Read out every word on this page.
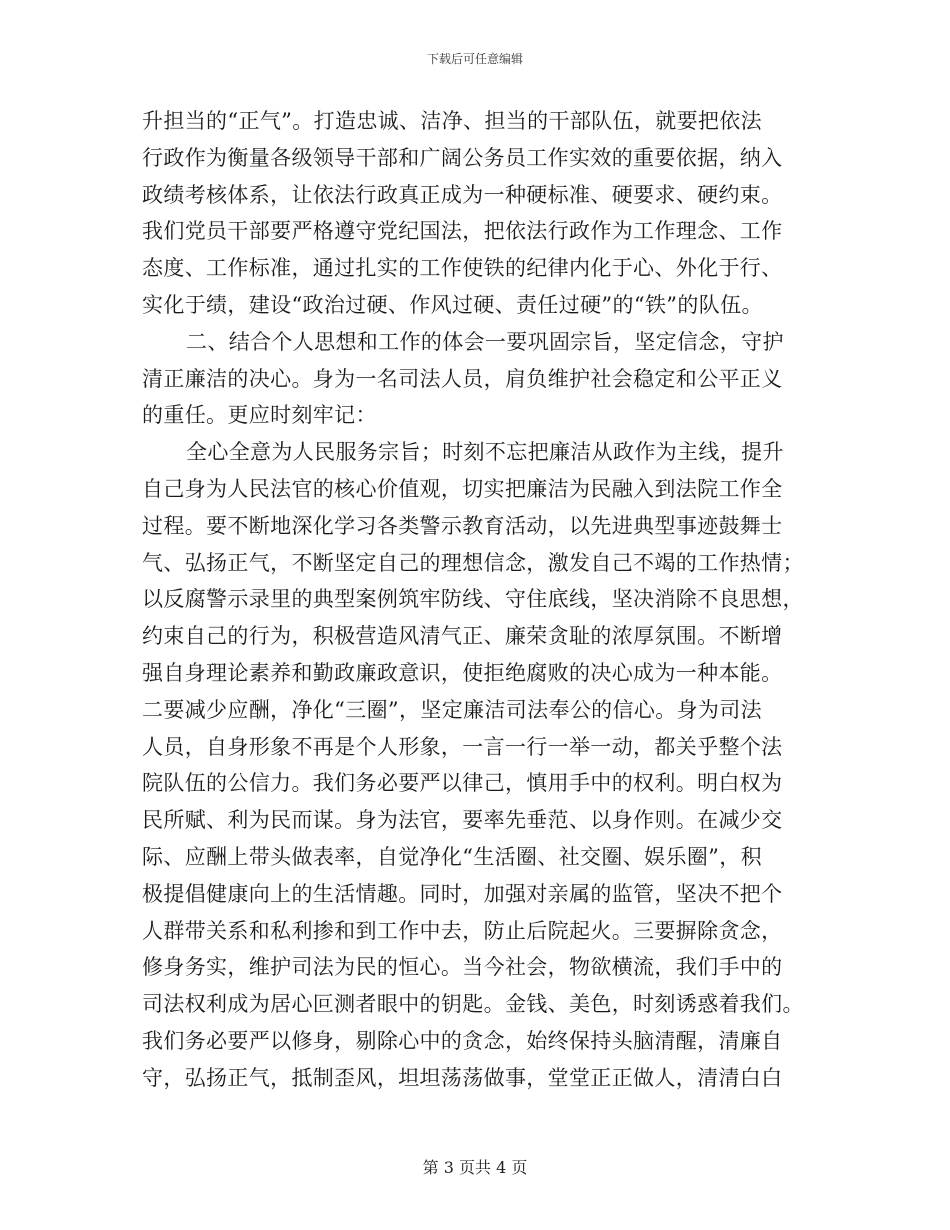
下载后可任意编辑
升担当的“正气”。打造忠诚、洁净、担当的干部队伍，就要把依法
行政作为衡量各级领导干部和广阔公务员工作实效的重要依据，纳入
政绩考核体系，让依法行政真正成为一种硬标准、硬要求、硬约束。
我们党员干部要严格遵守党纪国法，把依法行政作为工作理念、工作
态度、工作标准，通过扎实的工作使铁的纪律内化于心、外化于行、
实化于绩，建设“政治过硬、作风过硬、责任过硬”的“铁”的队伍。
二、结合个人思想和工作的体会一要巩固宗旨，坚定信念，守护
清正廉洁的决心。身为一名司法人员，肩负维护社会稳定和公平正义
的重任。更应时刻牢记：
全心全意为人民服务宗旨；时刻不忘把廉洁从政作为主线，提升
自己身为人民法官的核心价值观，切实把廉洁为民融入到法院工作全
过程。要不断地深化学习各类警示教育活动，以先进典型事迹鼓舞士
气、弘扬正气，不断坚定自己的理想信念，激发自己不竭的工作热情；
以反腐警示录里的典型案例筑牢防线、守住底线，坚决消除不良思想，
约束自己的行为，积极营造风清气正、廉荣贪耻的浓厚氛围。不断增
强自身理论素养和勤政廉政意识，使拒绝腐败的决心成为一种本能。
二要减少应酬，净化“三圈”，坚定廉洁司法奉公的信心。身为司法
人员，自身形象不再是个人形象，一言一行一举一动，都关乎整个法
院队伍的公信力。我们务必要严以律己，慎用手中的权利。明白权为
民所赋、利为民而谋。身为法官，要率先垂范、以身作则。在减少交
际、应酬上带头做表率，自觉净化“生活圈、社交圈、娱乐圈”，积
极提倡健康向上的生活情趣。同时，加强对亲属的监管，坚决不把个
人群带关系和私利掺和到工作中去，防止后院起火。三要摒除贪念，
修身务实，维护司法为民的恒心。当今社会，物欲横流，我们手中的
司法权利成为居心叵测者眼中的钥匙。金钱、美色，时刻诱惑着我们。
我们务必要严以修身，剔除心中的贪念，始终保持头脑清醒，清廉自
守，弘扬正气，抵制歪风，坦坦荡荡做事，堂堂正正做人，清清白白
第 3 页共 4 页
